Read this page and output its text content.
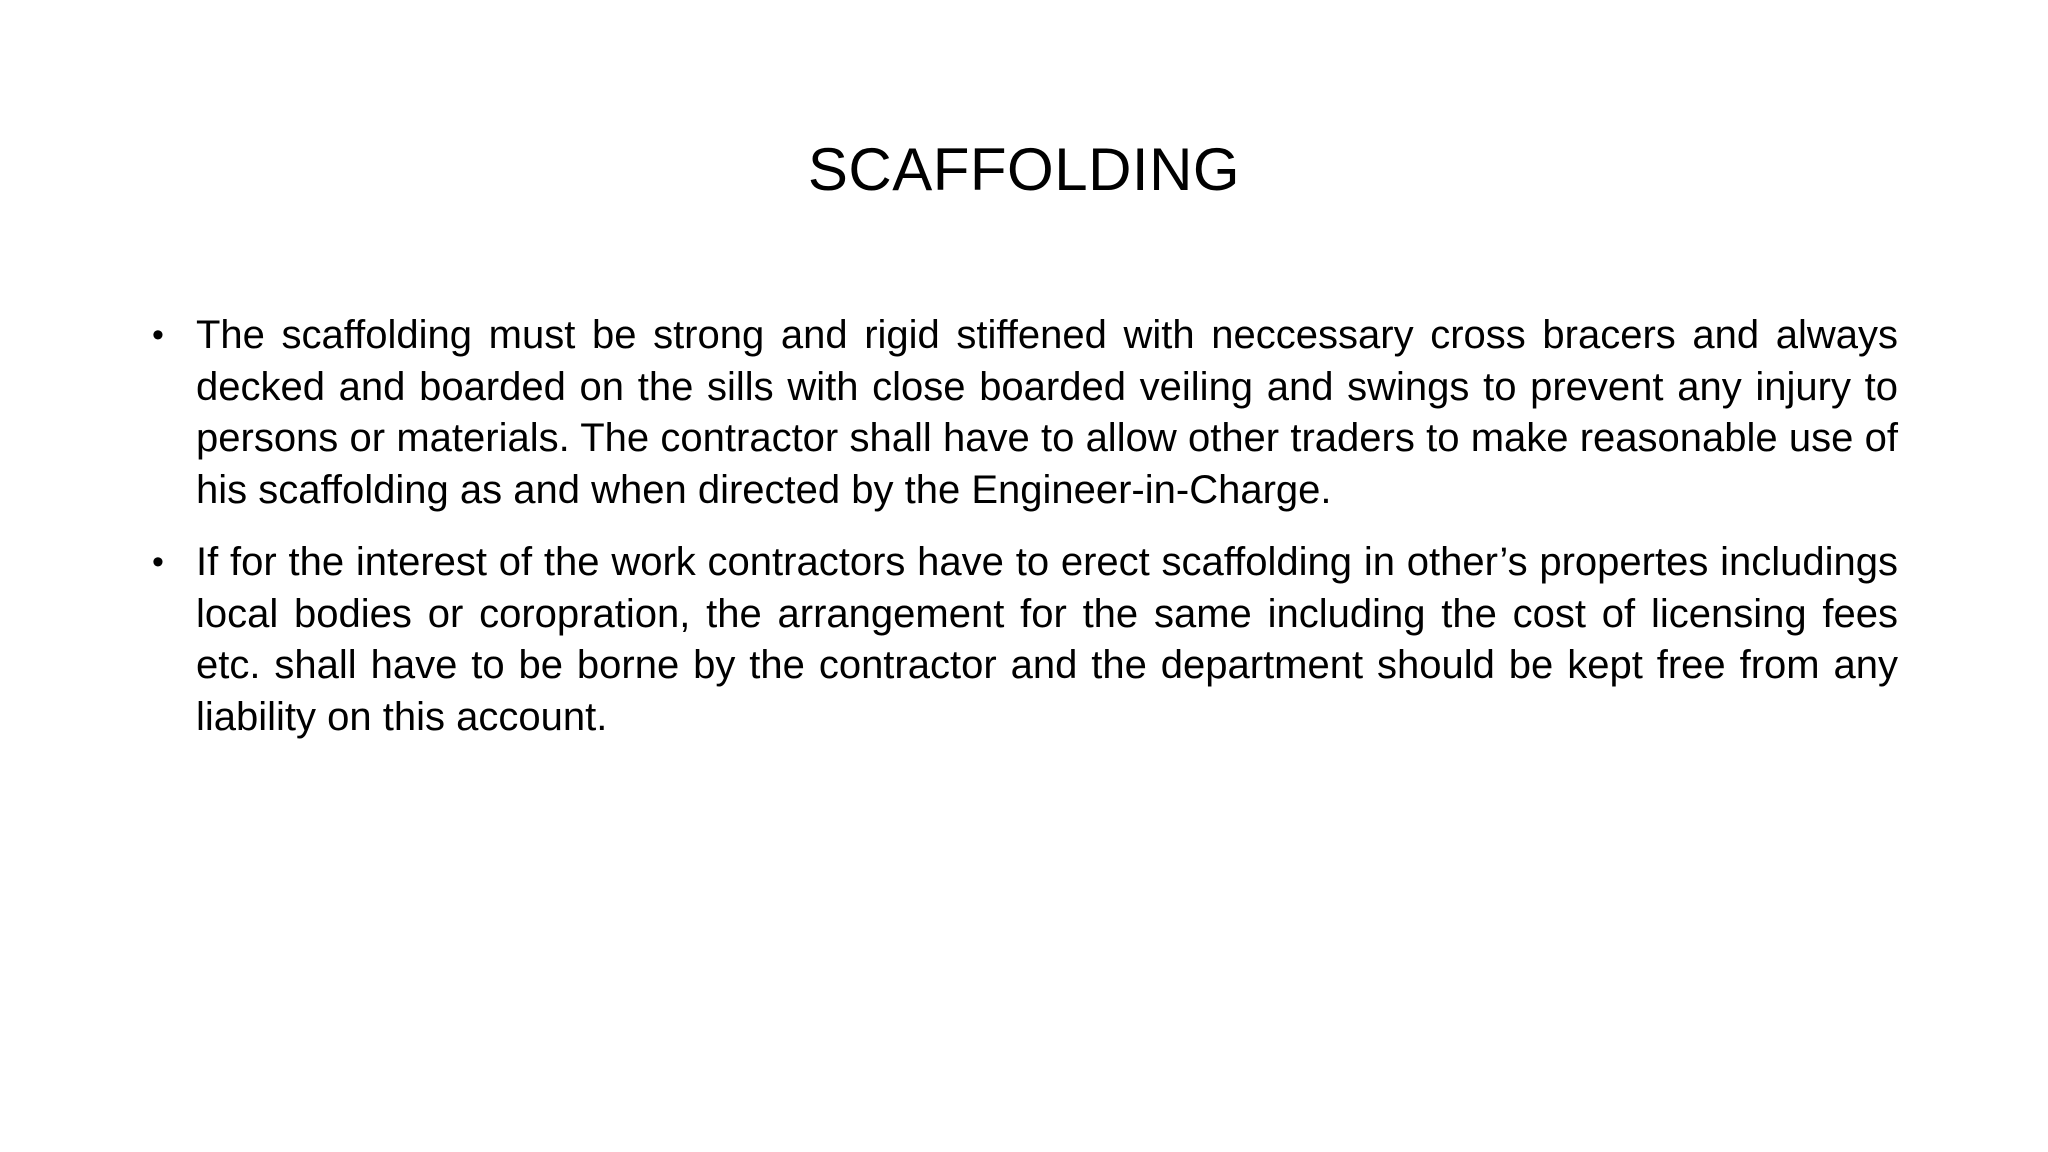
SCAFFOLDING
• The scaffolding must be strong and rigid stiffened with neccessary cross bracers and always decked and boarded on the sills with close boarded veiling and swings to prevent any injury to persons or materials. The contractor shall have to allow other traders to make reasonable use of his scaffolding as and when directed by the Engineer-in-Charge.
• If for the interest of the work contractors have to erect scaffolding in other’s propertes includings local bodies or coropration, the arrangement for the same including the cost of licensing fees etc. shall have to be borne by the contractor and the department should be kept free from any liability on this account.
